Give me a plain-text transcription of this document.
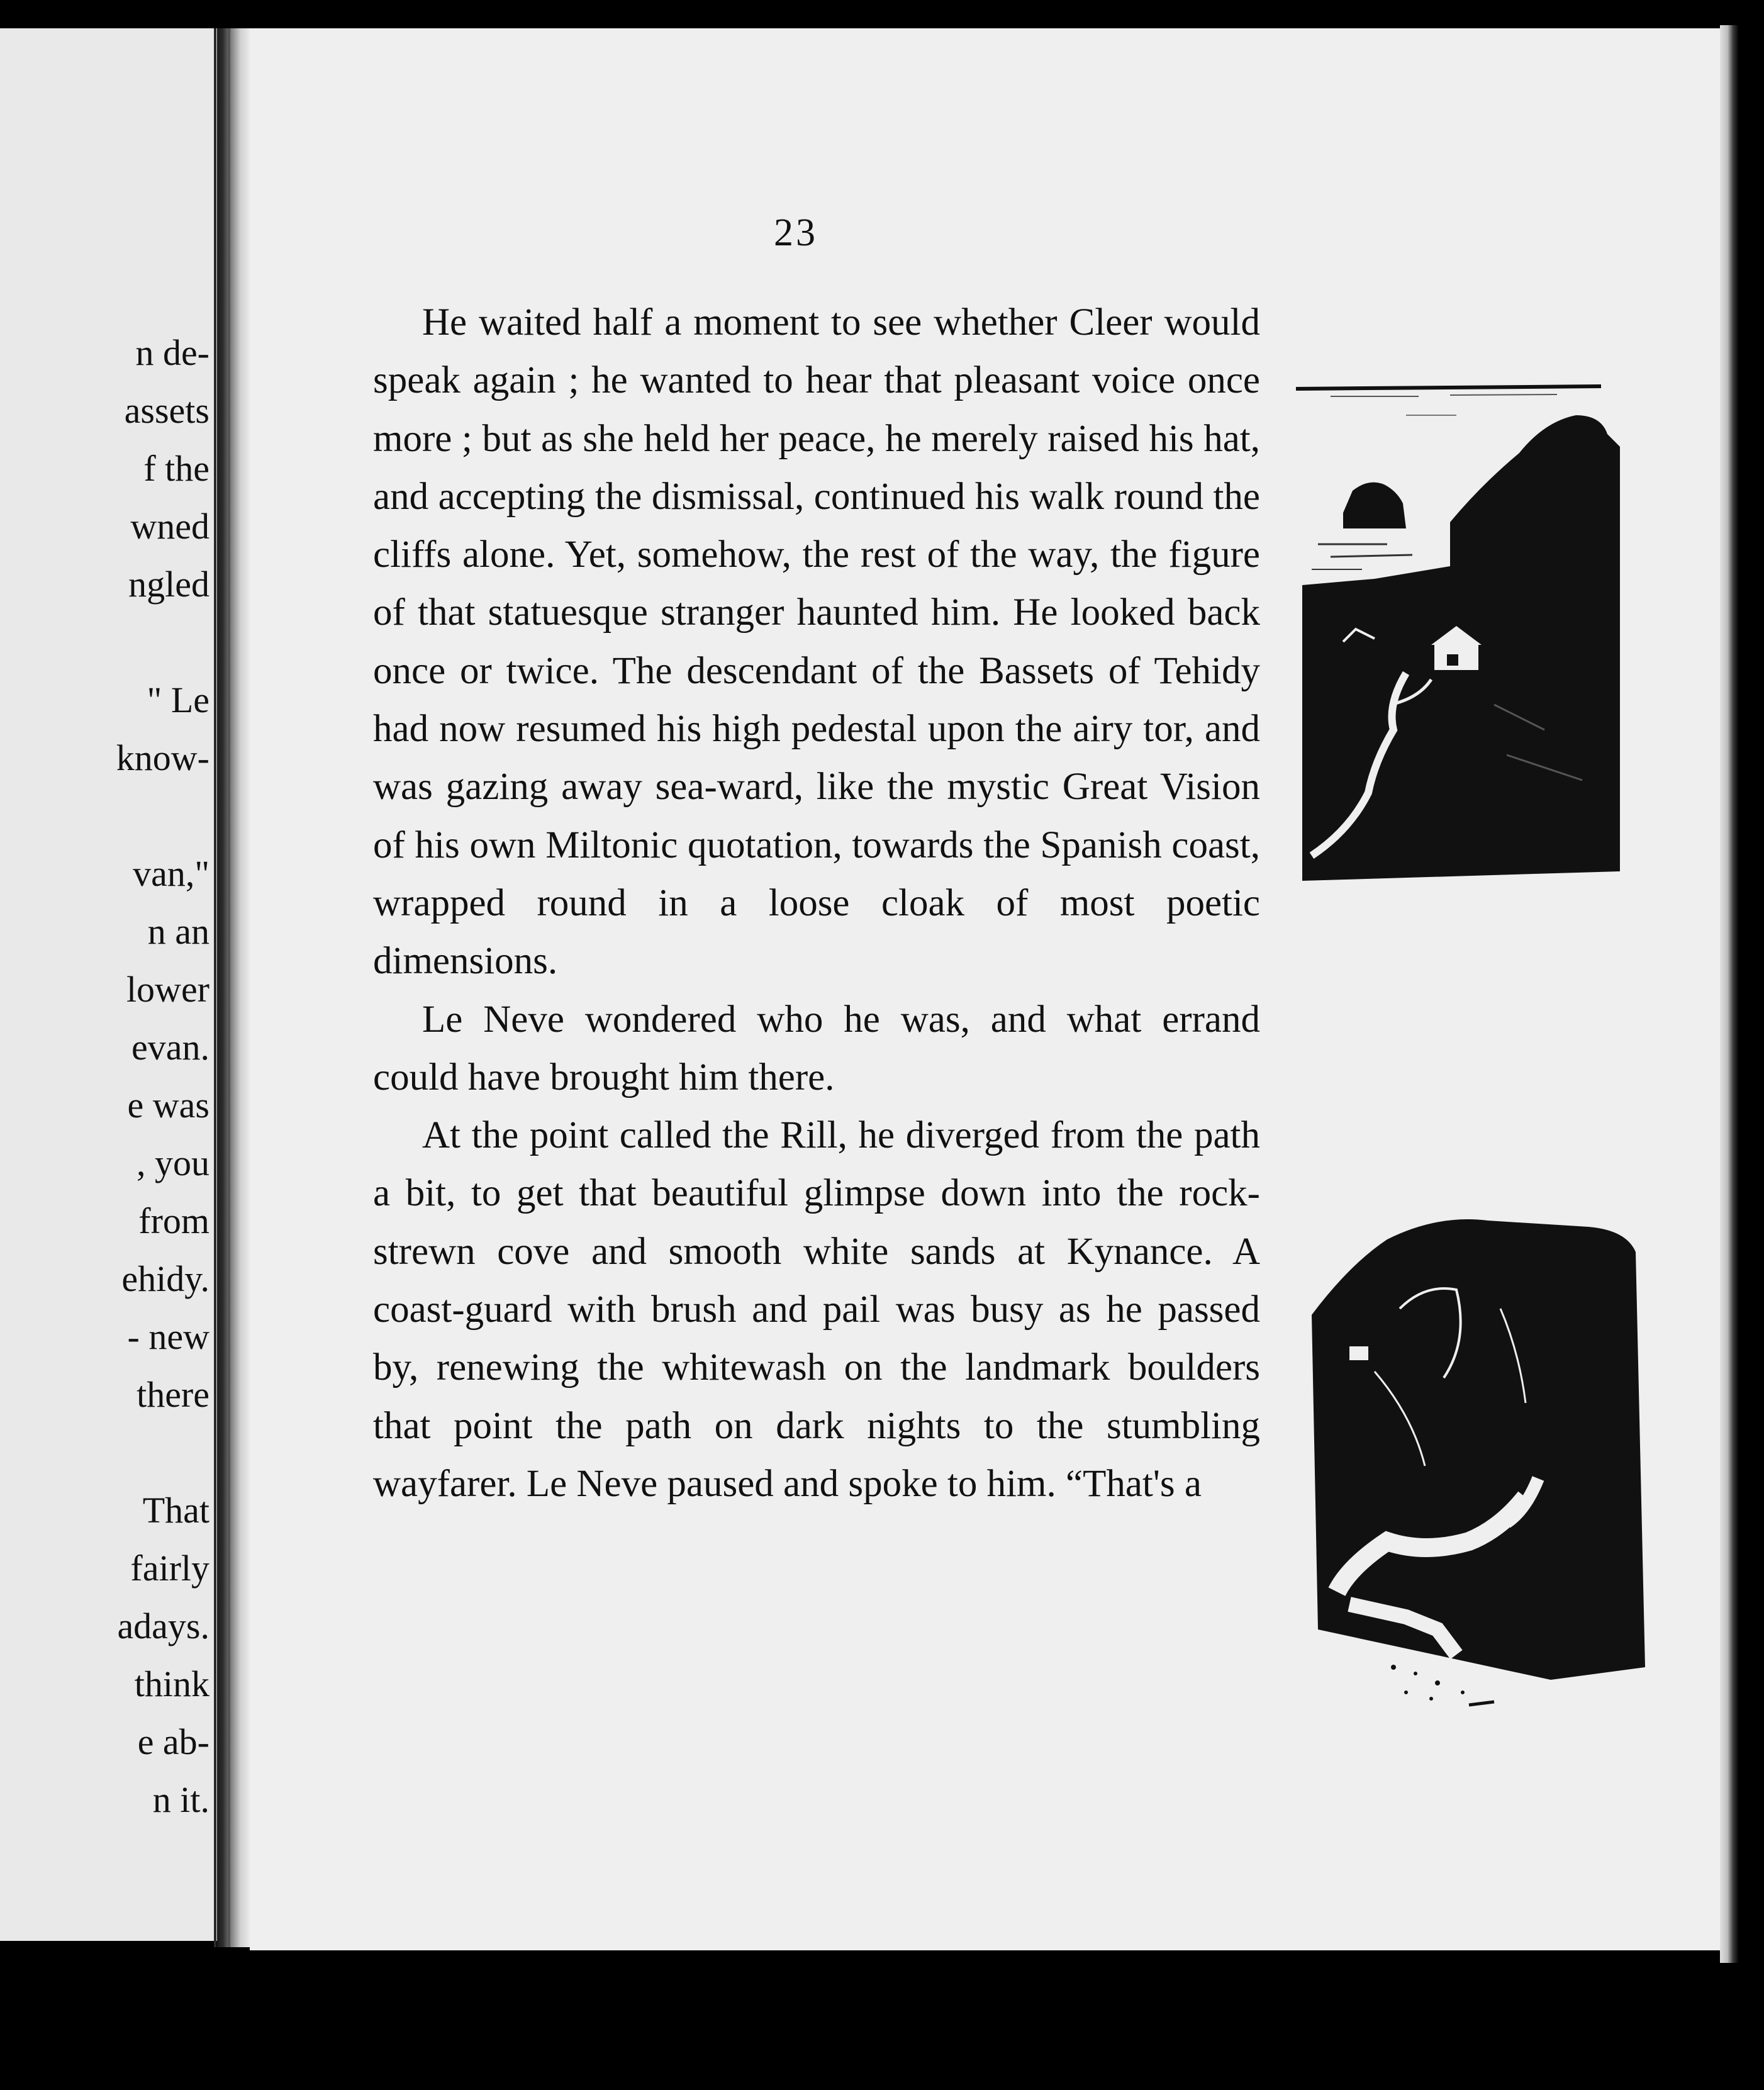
n de-
assets
f the
wned
ngled

" Le
know-

van,"
n an
lower
evan.
e was
, you
from
ehidy.
- new
there

That
fairly
adays.
think
e ab-
n it.
23

He waited half a moment to see whether Cleer would speak again ; he wanted to hear that pleasant voice once more ; but as she held her peace, he merely raised his hat, and accepting the dismissal, continued his walk round the cliffs alone. Yet, somehow, the rest of the way, the figure of that statuesque stranger haunted him. He looked back once or twice. The descendant of the Bassets of Tehidy had now resumed his high pedestal upon the airy tor, and was gazing away sea-ward, like the mystic Great Vision of his own Miltonic quotation, towards the Spanish coast, wrapped round in a loose cloak of most poetic dimensions.

Le Neve wondered who he was, and what errand could have brought him there.

At the point called the Rill, he diverged from the path a bit, to get that beautiful glimpse down into the rock-strewn cove and smooth white sands at Kynance. A coast-guard with brush and pail was busy as he passed by, renewing the whitewash on the landmark boulders that point the path on dark nights to the stumbling wayfarer. Le Neve paused and spoke to him. “That's a
